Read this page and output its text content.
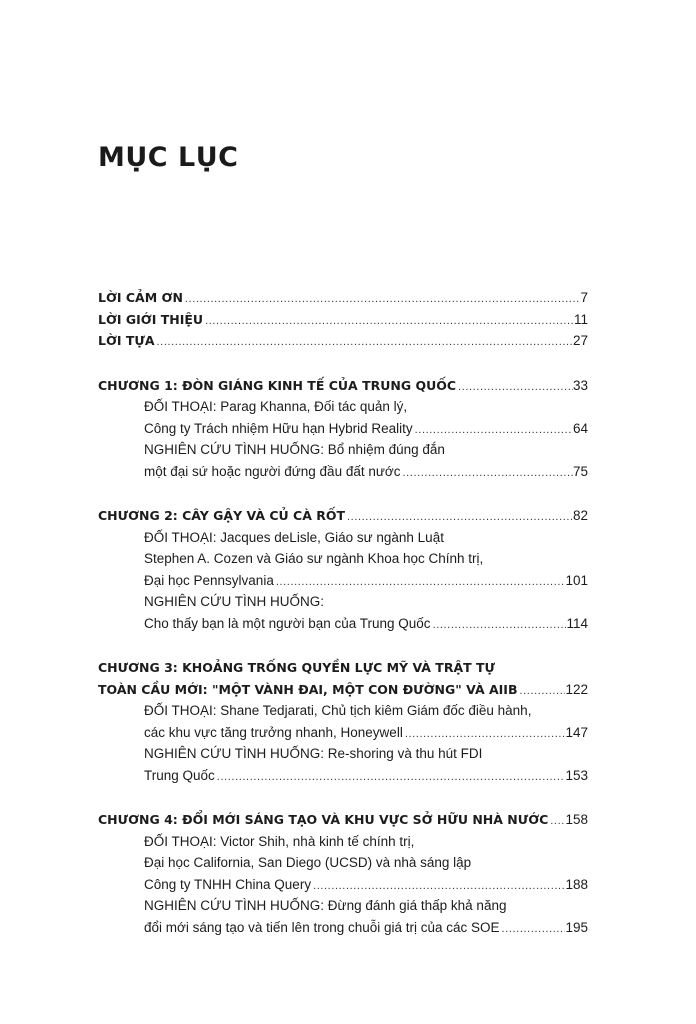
MỤC LỤC
LỜI CẢM ƠN .....	7
LỜI GIỚI THIỆU .....	11
LỜI TỰA .....	27
CHƯƠNG 1: ĐÒN GIÁNG KINH TẾ CỦA TRUNG QUỐC .....	33
ĐỐI THOẠI: Parag Khanna, Đối tác quản lý,
Công ty Trách nhiệm Hữu hạn Hybrid Reality .....	64
NGHIÊN CỨU TÌNH HUỐNG: Bổ nhiệm đúng đắn
một đại sứ hoặc người đứng đầu đất nước .....	75
CHƯƠNG 2: CÂY GẬY VÀ CỦ CÀ RỐT .....	82
ĐỐI THOẠI: Jacques deLisle, Giáo sư ngành Luật
Stephen A. Cozen và Giáo sư ngành Khoa học Chính trị,
Đại học Pennsylvania .....	101
NGHIÊN CỨU TÌNH HUỐNG:
Cho thấy bạn là một người bạn của Trung Quốc .....	114
CHƯƠNG 3: KHOẢNG TRỐNG QUYỀN LỰC MỸ VÀ TRẬT TỰ
TOÀN CẦU MỚI: "MỘT VÀNH ĐAI, MỘT CON ĐƯỜNG" VÀ AIIB .....	122
ĐỐI THOẠI: Shane Tedjarati, Chủ tịch kiêm Giám đốc điều hành,
các khu vực tăng trưởng nhanh, Honeywell .....	147
NGHIÊN CỨU TÌNH HUỐNG: Re-shoring và thu hút FDI
Trung Quốc .....	153
CHƯƠNG 4: ĐỔI MỚI SÁNG TẠO VÀ KHU VỰC SỞ HỮU NHÀ NƯỚC ..... 158
ĐỐI THOẠI: Victor Shih, nhà kinh tế chính trị,
Đại học California, San Diego (UCSD) và nhà sáng lập
Công ty TNHH China Query .....	188
NGHIÊN CỨU TÌNH HUỐNG: Đừng đánh giá thấp khả năng
đổi mới sáng tạo và tiến lên trong chuỗi giá trị của các SOE .....	195
